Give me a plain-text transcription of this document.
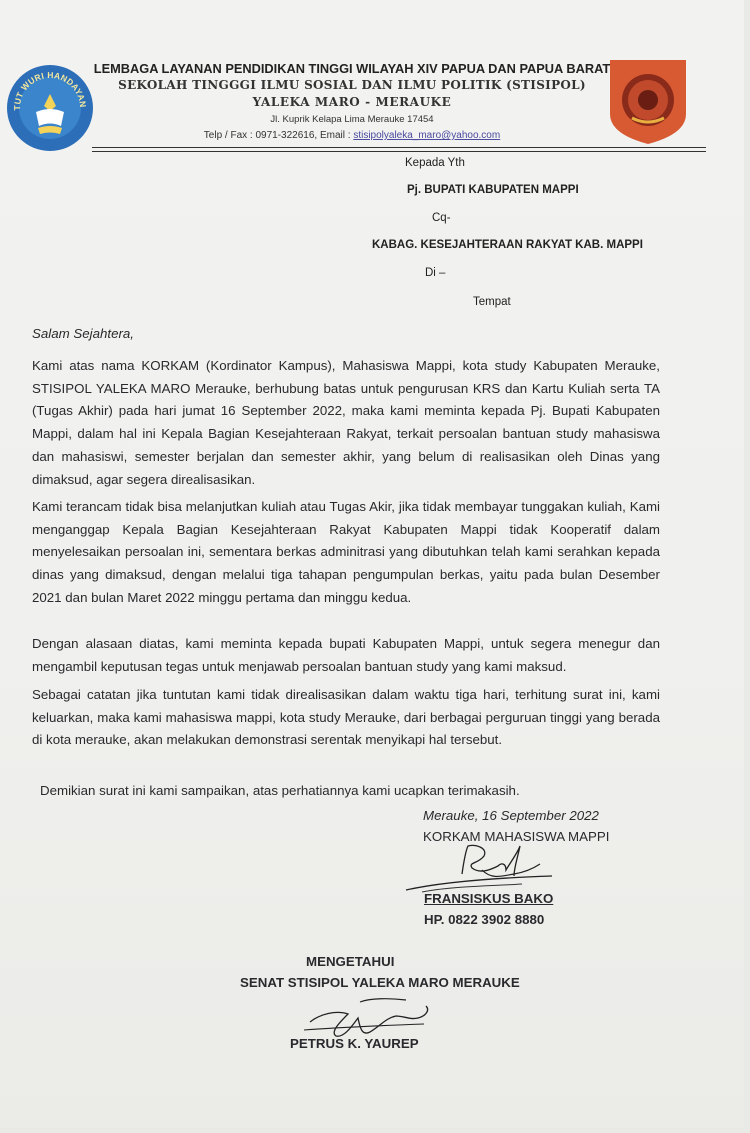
TUT WURI HANDAYAN
LEMBAGA LAYANAN PENDIDIKAN TINGGI WILAYAH XIV PAPUA DAN PAPUA BARAT
SEKOLAH TINGGGI ILMU SOSIAL DAN ILMU POLITIK (STISIPOL)
YALEKA MARO - MERAUKE
Jl. Kuprik Kelapa Lima Merauke 17454
Telp / Fax : 0971-322616, Email : stisipolyaleka_maro@yahoo.com
Kepada Yth
Pj. BUPATI KABUPATEN MAPPI
Cq-
KABAG. KESEJAHTERAAN RAKYAT KAB. MAPPI
Di –
Tempat
Salam Sejahtera,

Kami atas nama KORKAM (Kordinator Kampus), Mahasiswa Mappi, kota study Kabupaten Merauke, STISIPOL YALEKA MARO Merauke, berhubung batas untuk pengurusan KRS dan Kartu Kuliah serta TA (Tugas Akhir) pada hari jumat 16 September 2022, maka kami meminta kepada Pj. Bupati Kabupaten Mappi, dalam hal ini Kepala Bagian Kesejahteraan Rakyat, terkait persoalan bantuan study mahasiswa dan mahasiswi, semester berjalan dan semester akhir, yang belum di realisasikan oleh Dinas yang dimaksud, agar segera direalisasikan.

Kami terancam tidak bisa melanjutkan kuliah atau Tugas Akir, jika tidak membayar tunggakan kuliah, Kami menganggap Kepala Bagian Kesejahteraan Rakyat Kabupaten Mappi tidak Kooperatif dalam menyelesaikan persoalan ini, sementara berkas adminitrasi yang dibutuhkan telah kami serahkan kepada dinas yang dimaksud, dengan melalui tiga tahapan pengumpulan berkas, yaitu pada bulan Desember 2021 dan bulan Maret 2022 minggu pertama dan minggu kedua.

Dengan alasaan diatas, kami meminta kepada bupati Kabupaten Mappi, untuk segera menegur dan mengambil keputusan tegas untuk menjawab persoalan bantuan study yang kami maksud.

Sebagai catatan jika tuntutan kami tidak direalisasikan dalam waktu tiga hari, terhitung surat ini, kami keluarkan, maka kami mahasiswa mappi, kota study Merauke, dari berbagai perguruan tinggi yang berada di kota merauke, akan melakukan demonstrasi serentak menyikapi hal tersebut.

Demikian surat ini kami sampaikan, atas perhatiannya kami ucapkan terimakasih.
Merauke, 16 September 2022
KORKAM MAHASISWA MAPPI
FRANSISKUS BAKO
HP. 0822 3902 8880
MENGETAHUI
SENAT STISIPOL YALEKA MARO MERAUKE
PETRUS K. YAUREP
